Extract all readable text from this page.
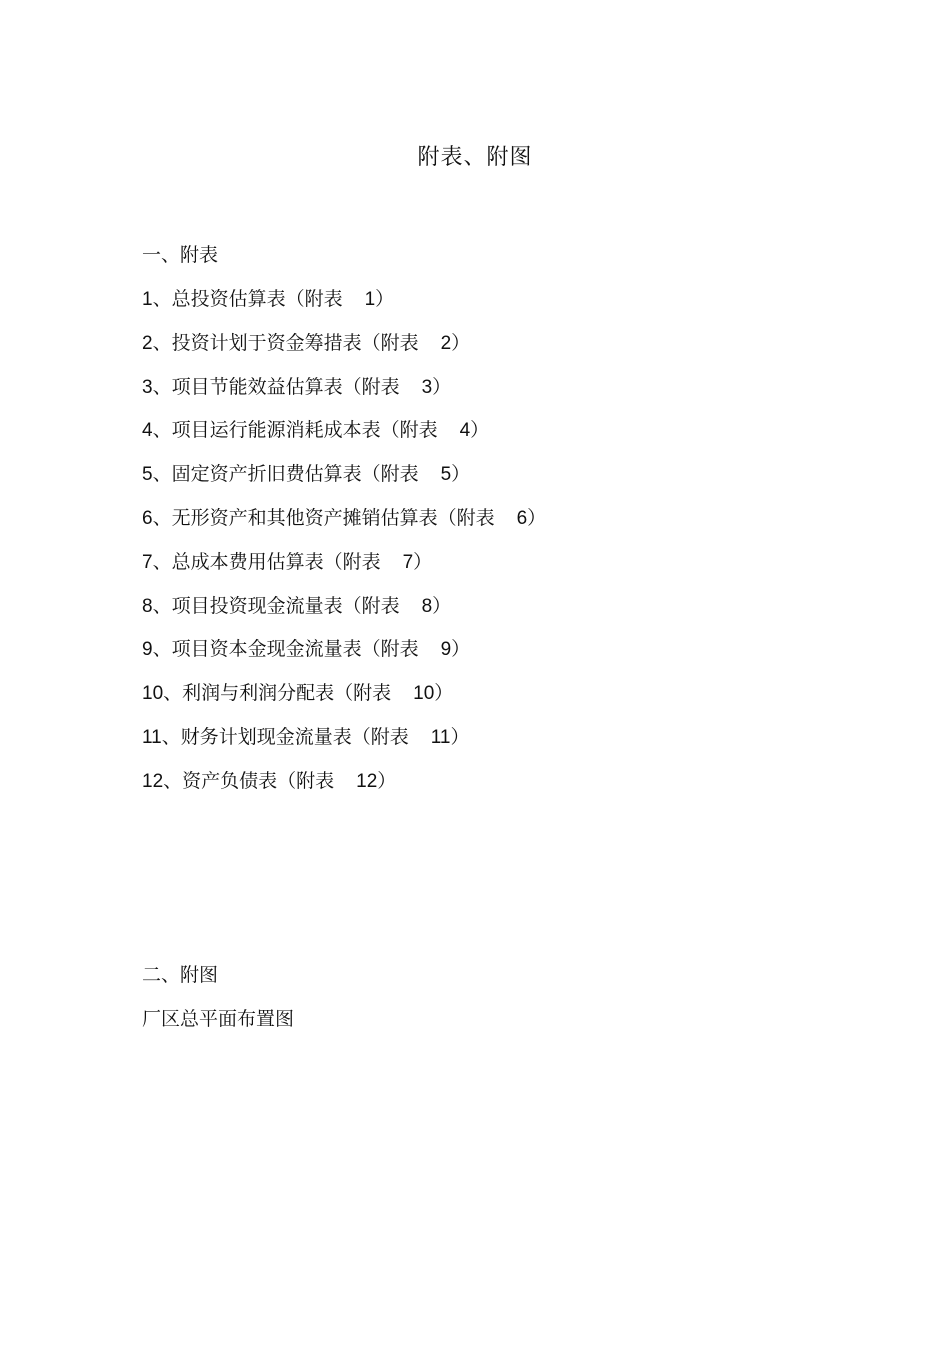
附表、附图
一、附表
1、总投资估算表（附表 1）
2、投资计划于资金筹措表（附表 2）
3、项目节能效益估算表（附表 3）
4、项目运行能源消耗成本表（附表 4）
5、固定资产折旧费估算表（附表 5）
6、无形资产和其他资产摊销估算表（附表 6）
7、总成本费用估算表（附表 7）
8、项目投资现金流量表（附表 8）
9、项目资本金现金流量表（附表 9）
10、利润与利润分配表（附表 10）
11、财务计划现金流量表（附表 11）
12、资产负债表（附表 12）
二、附图
厂区总平面布置图
